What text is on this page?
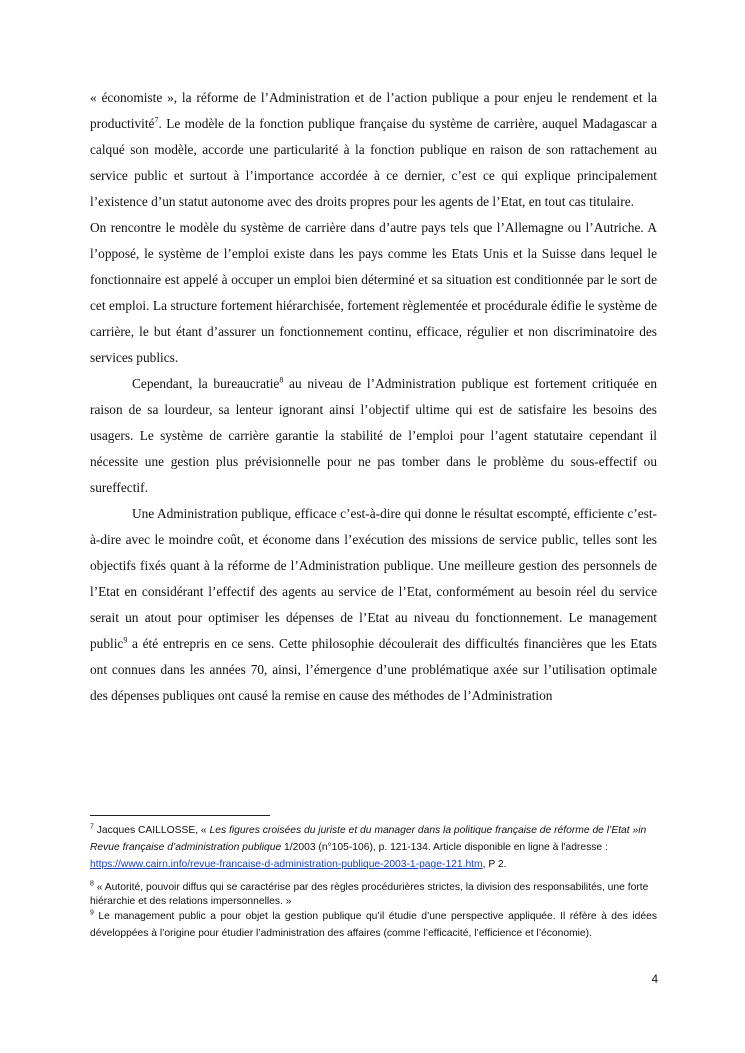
« économiste », la réforme de l’Administration et de l’action publique a pour enjeu le rendement et la productivité$^7$. Le modèle de la fonction publique française du système de carrière, auquel Madagascar a calqué son modèle, accorde une particularité à la fonction publique en raison de son rattachement au service public et surtout à l’importance accordée à ce dernier, c’est ce qui explique principalement l’existence d’un statut autonome avec des droits propres pour les agents de l’Etat, en tout cas titulaire.

On rencontre le modèle du système de carrière dans d’autre pays tels que l’Allemagne ou l’Autriche. A l’opposé, le système de l’emploi existe dans les pays comme les Etats Unis et la Suisse dans lequel le fonctionnaire est appelé à occuper un emploi bien déterminé et sa situation est conditionnée par le sort de cet emploi. La structure fortement hiérarchisée, fortement règlementée et procédurale édifie le système de carrière, le but étant d’assurer un fonctionnement continu, efficace, régulier et non discriminatoire des services publics.

Cependant, la bureaucratie$^8$ au niveau de l’Administration publique est fortement critiquée en raison de sa lourdeur, sa lenteur ignorant ainsi l’objectif ultime qui est de satisfaire les besoins des usagers. Le système de carrière garantie la stabilité de l’emploi pour l’agent statutaire cependant il nécessite une gestion plus prévisionnelle pour ne pas tomber dans le problème du sous-effectif ou sureffectif.

Une Administration publique, efficace c’est-à-dire qui donne le résultat escompté, efficiente c’est-à-dire avec le moindre coût, et économe dans l’exécution des missions de service public, telles sont les objectifs fixés quant à la réforme de l’Administration publique. Une meilleure gestion des personnels de l’Etat en considérant l’effectif des agents au service de l’Etat, conformément au besoin réel du service serait un atout pour optimiser les dépenses de l’Etat au niveau du fonctionnement. Le management public$^9$ a été entrepris en ce sens. Cette philosophie découlerait des difficultés financières que les Etats ont connues dans les années 70, ainsi, l’émergence d’une problématique axée sur l’utilisation optimale des dépenses publiques ont causé la remise en cause des méthodes de l’Administration

$^7$ Jacques CAILLOSSE, « Les figures croisées du juriste et du manager dans la politique française de réforme de l’Etat »in Revue française d’administration publique 1/2003 (n°105-106), p. 121-134. Article disponible en ligne à l'adresse : https://www.cairn.info/revue-francaise-d-administration-publique-2003-1-page-121.htm, P 2.

$^8$ « Autorité, pouvoir diffus qui se caractérise par des règles procédurières strictes, la division des responsabilités, une forte hiérarchie et des relations impersonnelles. »

$^9$ Le management public a pour objet la gestion publique qu’il étudie d’une perspective appliquée. Il réfère à des idées développées à l’origine pour étudier l’administration des affaires (comme l’efficacité, l’efficience et l’économie).

4
